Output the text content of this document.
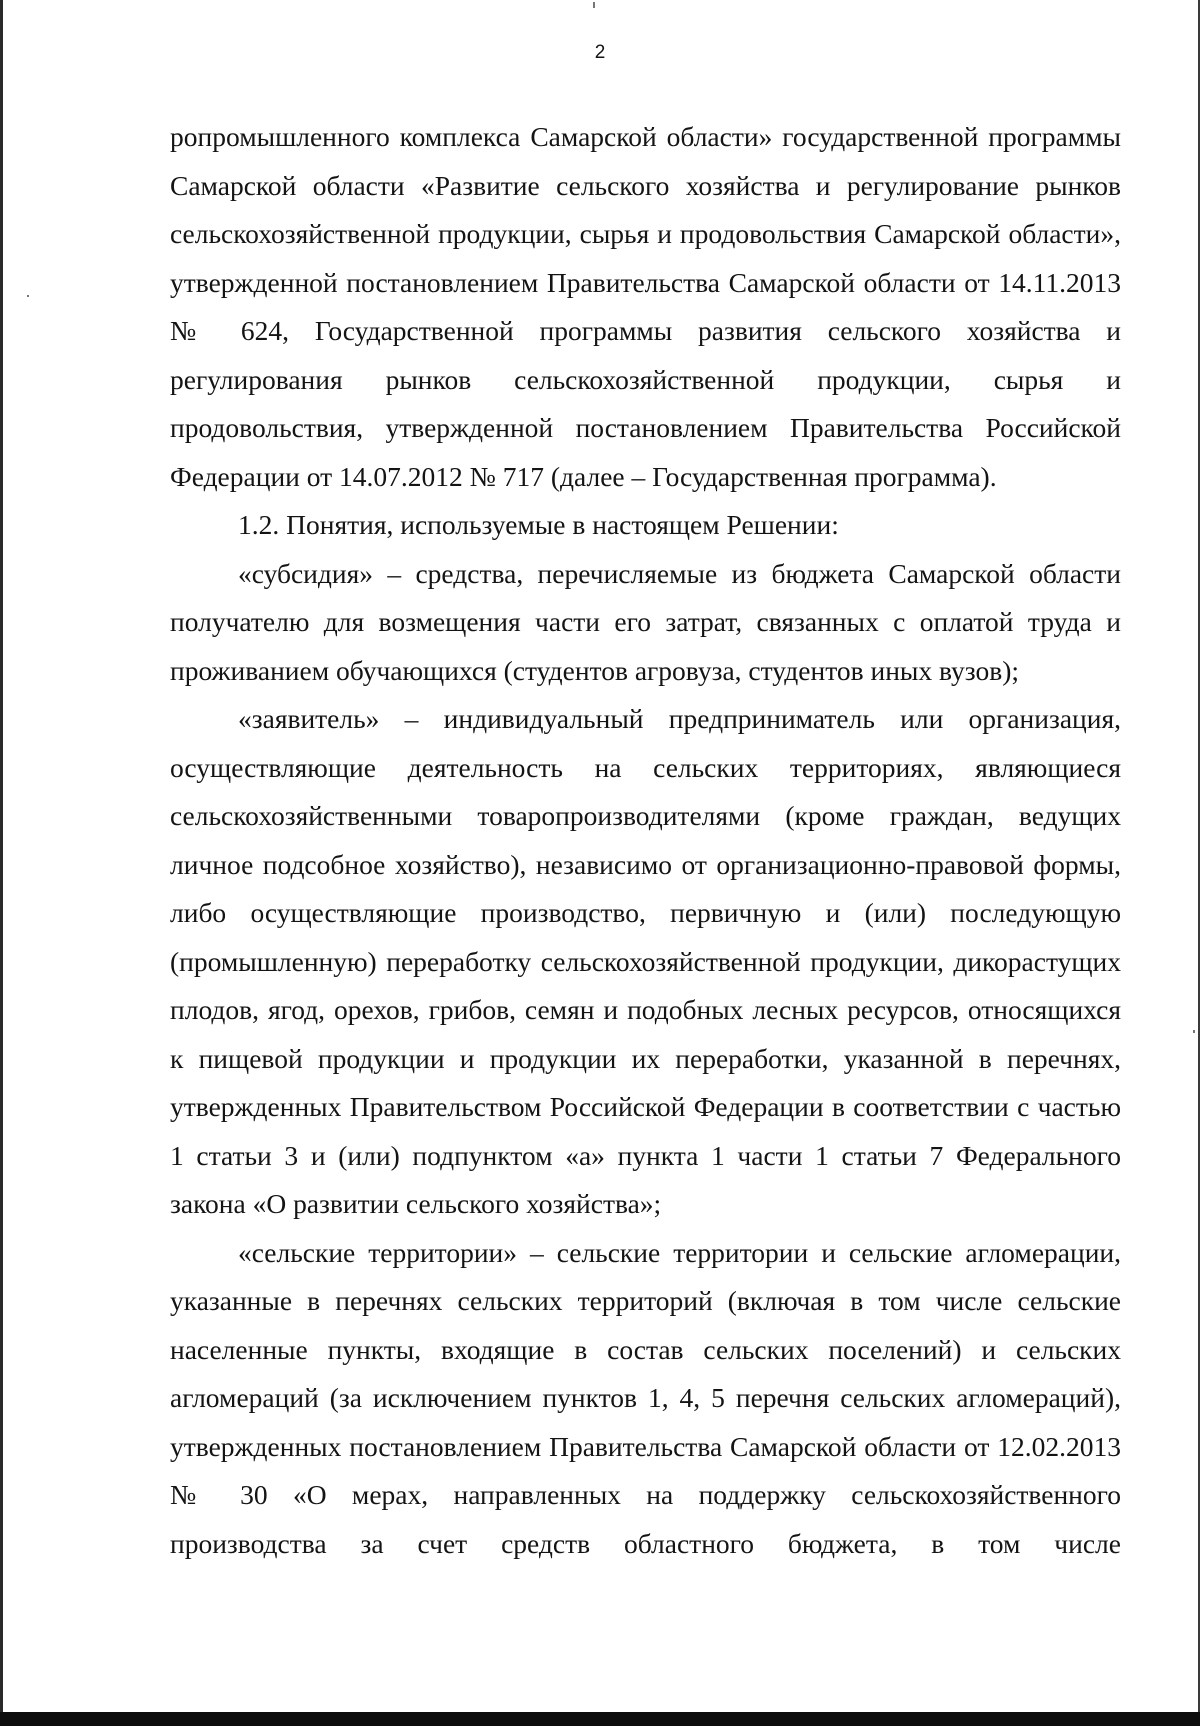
2

ропромышленного комплекса Самарской области» государственной программы Самарской области «Развитие сельского хозяйства и регулирование рынков сельскохозяйственной продукции, сырья и продовольствия Самарской области», утвержденной постановлением Правительства Самарской области от 14.11.2013 № 624, Государственной программы развития сельского хозяйства и регулирования рынков сельскохозяйственной продукции, сырья и продовольствия, утвержденной постановлением Правительства Российской Федерации от 14.07.2012 № 717 (далее – Государственная программа).

1.2. Понятия, используемые в настоящем Решении:

«субсидия» – средства, перечисляемые из бюджета Самарской области получателю для возмещения части его затрат, связанных с оплатой труда и проживанием обучающихся (студентов агровуза, студентов иных вузов);

«заявитель» – индивидуальный предприниматель или организация, осуществляющие деятельность на сельских территориях, являющиеся сельскохозяйственными товаропроизводителями (кроме граждан, ведущих личное подсобное хозяйство), независимо от организационно-правовой формы, либо осуществляющие производство, первичную и (или) последующую (промышленную) переработку сельскохозяйственной продукции, дикорастущих плодов, ягод, орехов, грибов, семян и подобных лесных ресурсов, относящихся к пищевой продукции и продукции их переработки, указанной в перечнях, утвержденных Правительством Российской Федерации в соответствии с частью 1 статьи 3 и (или) подпунктом «а» пункта 1 части 1 статьи 7 Федерального закона «О развитии сельского хозяйства»;

«сельские территории» – сельские территории и сельские агломерации, указанные в перечнях сельских территорий (включая в том числе сельские населенные пункты, входящие в состав сельских поселений) и сельских агломераций (за исключением пунктов 1, 4, 5 перечня сельских агломераций), утвержденных постановлением Правительства Самарской области от 12.02.2013 № 30 «О мерах, направленных на поддержку сельскохозяйственного производства за счет средств областного бюджета, в том числе
